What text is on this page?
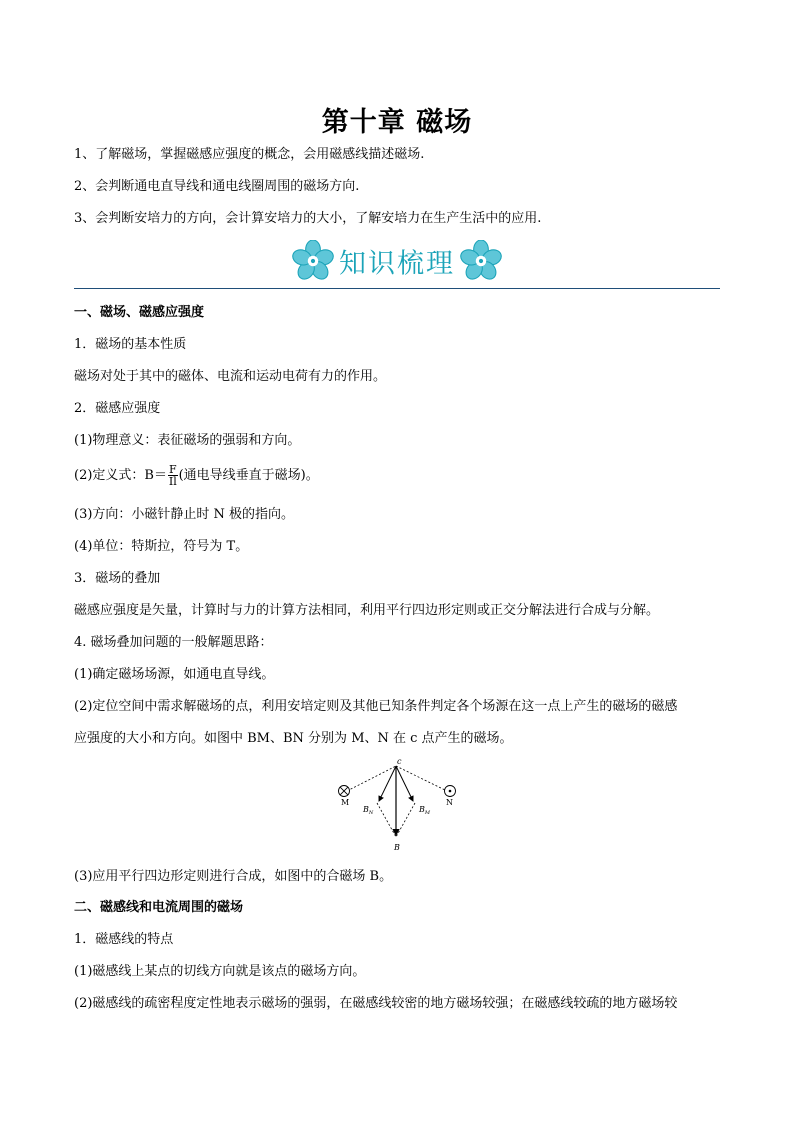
第十章 磁场
1、了解磁场，掌握磁感应强度的概念，会用磁感线描述磁场.
2、会判断通电直导线和通电线圈周围的磁场方向.
3、会判断安培力的方向，会计算安培力的大小，了解安培力在生产生活中的应用.
知识梳理
一、磁场、磁感应强度
1．磁场的基本性质
磁场对处于其中的磁体、电流和运动电荷有力的作用。
2．磁感应强度
(1)物理意义：表征磁场的强弱和方向。
(2)定义式：$B= \frac{F}{Il}$ (通电导线垂直于磁场)。
(3)方向：小磁针静止时 N 极的指向。
(4)单位：特斯拉，符号为 T。
3．磁场的叠加
磁感应强度是矢量，计算时与力的计算方法相同，利用平行四边形定则或正交分解法进行合成与分解。
4. 磁场叠加问题的一般解题思路：
(1)确定磁场场源，如通电直导线。
(2)定位空间中需求解磁场的点，利用安培定则及其他已知条件判定各个场源在这一点上产生的磁场的磁感
应强度的大小和方向。如图中 BM、BN 分别为 M、N 在 c 点产生的磁场。
c
M	N
$B_N$	$B_M$
B
(3)应用平行四边形定则进行合成，如图中的合磁场 B。
二、磁感线和电流周围的磁场
1．磁感线的特点
(1)磁感线上某点的切线方向就是该点的磁场方向。
(2)磁感线的疏密程度定性地表示磁场的强弱，在磁感线较密的地方磁场较强；在磁感线较疏的地方磁场较
